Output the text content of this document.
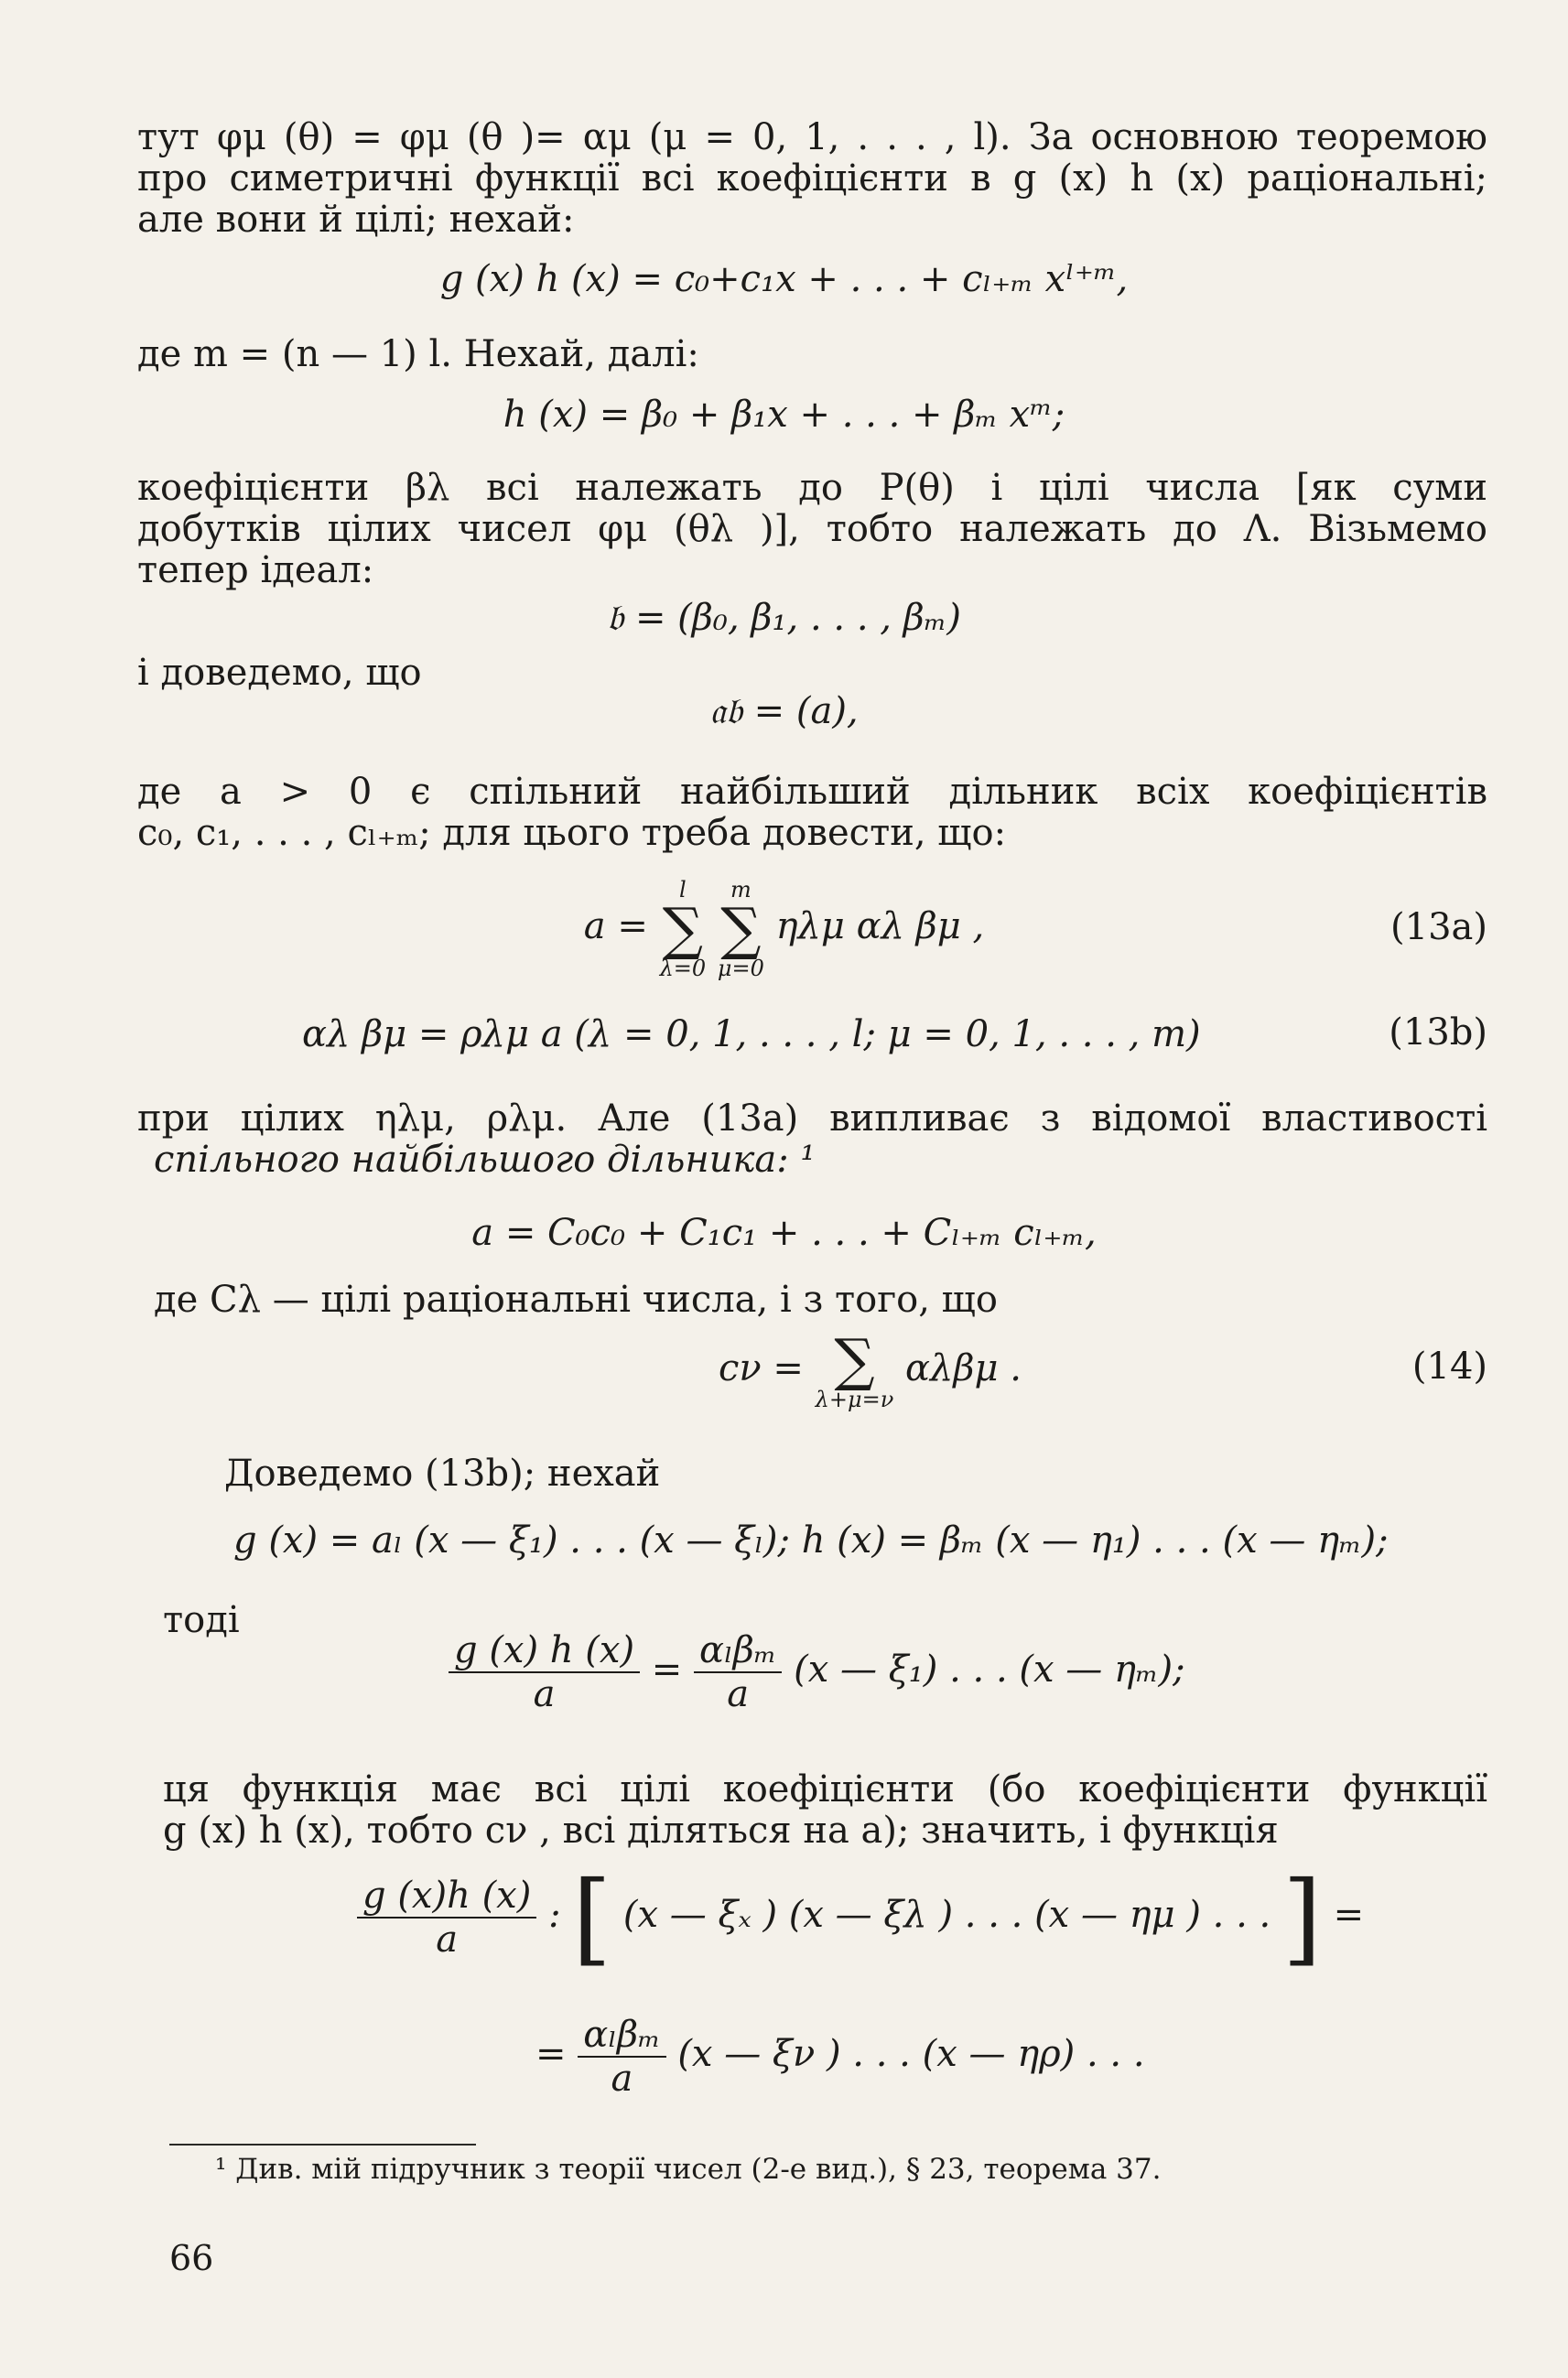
тут φμ (θ) = φμ (θ )= αμ (μ = 0, 1, . . . , l). За основною теоремою
про симетричні функції всі коефіцієнти в g (x) h (x) раціональні;
але вони й цілі; нехай:
g (x) h (x) = c₀+c₁x + . . . + cₗ₊ₘ xˡ⁺ᵐ,
де m = (n — 1) l. Нехай, далі:
h (x) = β₀ + β₁x + . . . + βₘ xᵐ;
коефіцієнти βλ всі належать до P(θ) і цілі числа [як суми
добутків цілих чисел φμ (θλ )], тобто належать до Λ. Візьмемо
тепер ідеал:
𝔟 = (β₀, β₁, . . . , βₘ)
і доведемо, що
𝔞𝔟 = (a),
де a > 0 є спільний найбільший дільник всіх коефіцієнтів
c₀, c₁, . . . , cₗ₊ₘ; для цього треба довести, що:
a =
l
∑
λ=0

m
∑
μ=0
ηλμ αλ βμ ,	(13a)
αλ βμ = ρλμ a (λ = 0, 1, . . . , l; μ = 0, 1, . . . , m)	(13b)
при цілих ηλμ, ρλμ. Але (13a) випливає з відомої властивості
спільного найбільшого дільника: ¹
a = C₀c₀ + C₁c₁ + . . . + Cₗ₊ₘ cₗ₊ₘ,
де Cλ — цілі раціональні числа, і з того, що
cν = ∑
λ+μ=ν
αλβμ .	(14)
Доведемо (13b); нехай
g (x) = aₗ (x — ξ₁) . . . (x — ξₗ); h (x) = βₘ (x — η₁) . . . (x — ηₘ);
тоді
$\frac{g (x) h (x)}{a} = \frac{\text{αₗβₘ}}{a} (x$ — ξ₁) . . . (x — ηₘ);
ця функція має всі цілі коефіцієнти (бо коефіцієнти функції
g (x) h (x), тобто cν , всі діляться на a); значить, і функція
$\frac{g (x)h (x)}{a}$ : [ (x — ξₓ ) (x — ξλ ) . . . (x — ημ ) . . . ] =
= $\frac{\text{αₗβₘ}}{a} (x$ — ξν ) . . . (x — ηρ) . . .
¹ Див. мій підручник з теорії чисел (2-е вид.), § 23, теорема 37.
66
